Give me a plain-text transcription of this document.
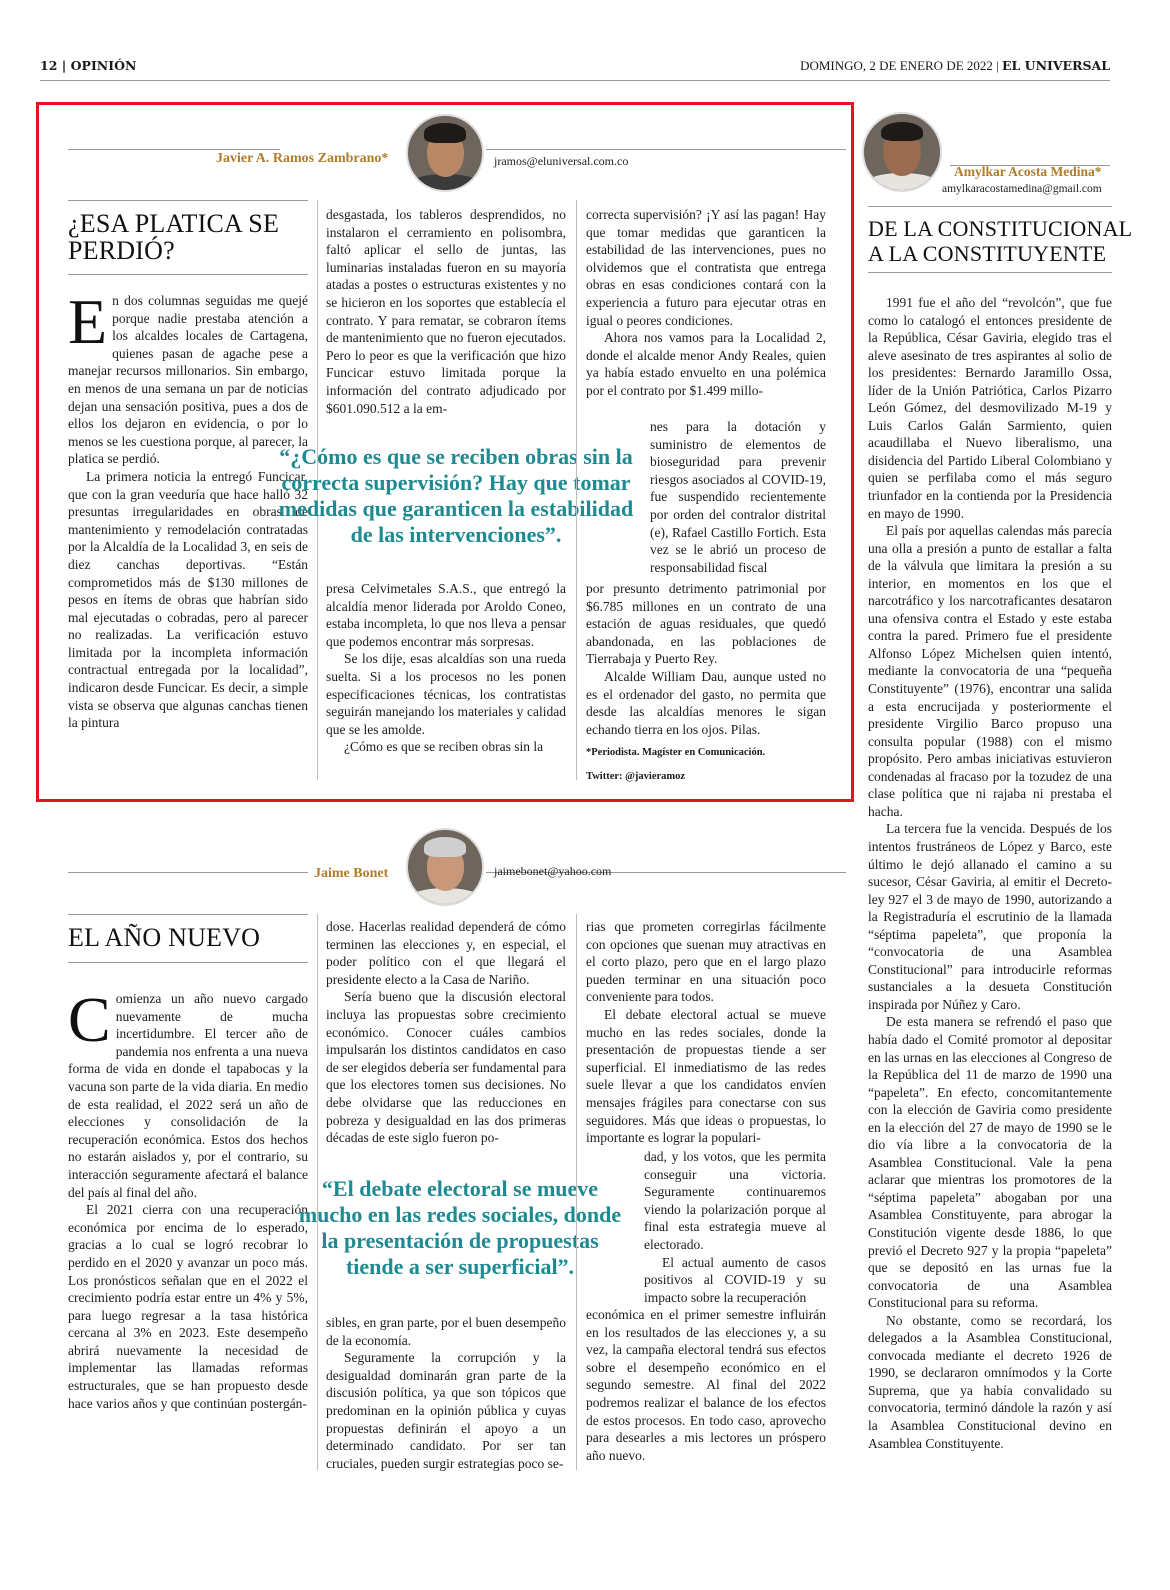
12 | OPINIÓN	DOMINGO, 2 DE ENERO DE 2022 | EL UNIVERSAL
Javier A. Ramos Zambrano*	jramos@eluniversal.com.co
¿ESA PLATICA SE
PERDIÓ?

En dos columnas seguidas me quejé porque nadie prestaba atención a los alcaldes locales de Cartagena, quienes pasan de agache pese a manejar recursos millonarios. Sin embargo, en menos de una semana un par de noticias dejan una sensación positiva, pues a dos de ellos los dejaron en evidencia, o por lo menos se les cuestiona porque, al parecer, la platica se perdió.

La primera noticia la entregó Funcicar, que con la gran veeduría que hace halló 32 presuntas irregularidades en obras de mantenimiento y remodelación contratadas por la Alcaldía de la Localidad 3, en seis de diez canchas deportivas. “Están comprometidos más de $130 millones de pesos en ítems de obras que habrían sido mal ejecutadas o cobradas, pero al parecer no realizadas. La verificación estuvo limitada por la incompleta información contractual entregada por la localidad”, indicaron desde Funcicar. Es decir, a simple vista se observa que algunas canchas tienen la pintura

desgastada, los tableros desprendidos, no instalaron el cerramiento en polisombra, faltó aplicar el sello de juntas, las luminarias instaladas fueron en su mayoría atadas a postes o estructuras existentes y no se hicieron en los soportes que establecía el contrato. Y para rematar, se cobraron ítems de mantenimiento que no fueron ejecutados. Pero lo peor es que la verificación que hizo Funcicar estuvo limitada porque la información del contrato adjudicado por $601.090.512 a la em-

“¿Cómo es que se reciben obras sin la correcta supervisión? Hay que tomar medidas que garanticen la estabilidad de las intervenciones”.

presa Celvimetales S.A.S., que entregó la alcaldía menor liderada por Aroldo Coneo, estaba incompleta, lo que nos lleva a pensar que podemos encontrar más sorpresas.

Se los dije, esas alcaldías son una rueda suelta. Si a los procesos no les ponen especificaciones técnicas, los contratistas seguirán manejando los materiales y calidad que se les amolde.

¿Cómo es que se reciben obras sin la

correcta supervisión? ¡Y así las pagan! Hay que tomar medidas que garanticen la estabilidad de las intervenciones, pues no olvidemos que el contratista que entrega obras en esas condiciones contará con la experiencia a futuro para ejecutar otras en igual o peores condiciones.

Ahora nos vamos para la Localidad 2, donde el alcalde menor Andy Reales, quien ya había estado envuelto en una polémica por el contrato por $1.499 millo-

nes para la dotación y suministro de elementos de bioseguridad para prevenir riesgos asociados al COVID-19, fue suspendido recientemente por orden del contralor distrital (e), Rafael Castillo Fortich. Esta vez se le abrió un proceso de responsabilidad fiscal

por presunto detrimento patrimonial por $6.785 millones en un contrato de una estación de aguas residuales, que quedó abandonada, en las poblaciones de Tierrabaja y Puerto Rey.

Alcalde William Dau, aunque usted no es el ordenador del gasto, no permita que desde las alcaldías menores le sigan echando tierra en los ojos. Pilas.

*Periodista. Magíster en Comunicación.

Twitter: @javieramoz

Jaime Bonet	jaimebonet@yahoo.com
EL AÑO NUEVO

Comienza un año nuevo cargado nuevamente de mucha incertidumbre. El tercer año de pandemia nos enfrenta a una nueva forma de vida en donde el tapabocas y la vacuna son parte de la vida diaria. En medio de esta realidad, el 2022 será un año de elecciones y consolidación de la recuperación económica. Estos dos hechos no estarán aislados y, por el contrario, su interacción seguramente afectará el balance del país al final del año.

El 2021 cierra con una recuperación económica por encima de lo esperado, gracias a lo cual se logró recobrar lo perdido en el 2020 y avanzar un poco más. Los pronósticos señalan que en el 2022 el crecimiento podría estar entre un 4% y 5%, para luego regresar a la tasa histórica cercana al 3% en 2023. Este desempeño abrirá nuevamente la necesidad de implementar las llamadas reformas estructurales, que se han propuesto desde hace varios años y que continúan postergán-

dose. Hacerlas realidad dependerá de cómo terminen las elecciones y, en especial, el poder político con el que llegará el presidente electo a la Casa de Nariño.

Sería bueno que la discusión electoral incluya las propuestas sobre crecimiento económico. Conocer cuáles cambios impulsarán los distintos candidatos en caso de ser elegidos debería ser fundamental para que los electores tomen sus decisiones. No debe olvidarse que las reducciones en pobreza y desigualdad en las dos primeras décadas de este siglo fueron po-

“El debate electoral se mueve mucho en las redes sociales, donde la presentación de propuestas tiende a ser superficial”.

sibles, en gran parte, por el buen desempeño de la economía.

Seguramente la corrupción y la desigualdad dominarán gran parte de la discusión política, ya que son tópicos que predominan en la opinión pública y cuyas propuestas definirán el apoyo a un determinado candidato. Por ser tan cruciales, pueden surgir estrategias poco se-

rias que prometen corregirlas fácilmente con opciones que suenan muy atractivas en el corto plazo, pero que en el largo plazo pueden terminar en una situación poco conveniente para todos.

El debate electoral actual se mueve mucho en las redes sociales, donde la presentación de propuestas tiende a ser superficial. El inmediatismo de las redes suele llevar a que los candidatos envíen mensajes frágiles para conectarse con sus seguidores. Más que ideas o propuestas, lo importante es lograr la populari-

dad, y los votos, que les permita conseguir una victoria. Seguramente continuaremos viendo la polarización porque al final esta estrategia mueve al electorado.

El actual aumento de casos positivos al COVID-19 y su impacto sobre la recuperación

económica en el primer semestre influirán en los resultados de las elecciones y, a su vez, la campaña electoral tendrá sus efectos sobre el desempeño económico en el segundo semestre. Al final del 2022 podremos realizar el balance de los efectos de estos procesos. En todo caso, aprovecho para desearles a mis lectores un próspero año nuevo.

Amylkar Acosta Medina*
amylkaracostamedina@gmail.com
DE LA CONSTITUCIONAL
A LA CONSTITUYENTE

1991 fue el año del “revolcón”, que fue como lo catalogó el entonces presidente de la República, César Gaviria, elegido tras el aleve asesinato de tres aspirantes al solio de los presidentes: Bernardo Jaramillo Ossa, líder de la Unión Patriótica, Carlos Pizarro León Gómez, del desmovilizado M-19 y Luis Carlos Galán Sarmiento, quien acaudillaba el Nuevo liberalismo, una disidencia del Partido Liberal Colombiano y quien se perfilaba como el más seguro triunfador en la contienda por la Presidencia en mayo de 1990.

El país por aquellas calendas más parecía una olla a presión a punto de estallar a falta de la válvula que limitara la presión a su interior, en momentos en los que el narcotráfico y los narcotraficantes desataron una ofensiva contra el Estado y este estaba contra la pared. Primero fue el presidente Alfonso López Michelsen quien intentó, mediante la convocatoria de una “pequeña Constituyente” (1976), encontrar una salida a esta encrucijada y posteriormente el presidente Virgilio Barco propuso una consulta popular (1988) con el mismo propósito. Pero ambas iniciativas estuvieron condenadas al fracaso por la tozudez de una clase política que ni rajaba ni prestaba el hacha.

La tercera fue la vencida. Después de los intentos frustráneos de López y Barco, este último le dejó allanado el camino a su sucesor, César Gaviria, al emitir el Decreto-ley 927 el 3 de mayo de 1990, autorizando a la Registraduría el escrutinio de la llamada “séptima papeleta”, que proponía la “convocatoria de una Asamblea Constitucional” para introducirle reformas sustanciales a la desueta Constitución inspirada por Núñez y Caro.

De esta manera se refrendó el paso que había dado el Comité promotor al depositar en las urnas en las elecciones al Congreso de la República del 11 de marzo de 1990 una “papeleta”. En efecto, concomitantemente con la elección de Gaviria como presidente en la elección del 27 de mayo de 1990 se le dio vía libre a la convocatoria de la Asamblea Constitucional. Vale la pena aclarar que mientras los promotores de la “séptima papeleta” abogaban por una Asamblea Constituyente, para abrogar la Constitución vigente desde 1886, lo que previó el Decreto 927 y la propia “papeleta” que se depositó en las urnas fue la convocatoria de una Asamblea Constitucional para su reforma.

No obstante, como se recordará, los delegados a la Asamblea Constitucional, convocada mediante el decreto 1926 de 1990, se declararon omnímodos y la Corte Suprema, que ya había convalidado su convocatoria, terminó dándole la razón y así la Asamblea Constitucional devino en Asamblea Constituyente.
